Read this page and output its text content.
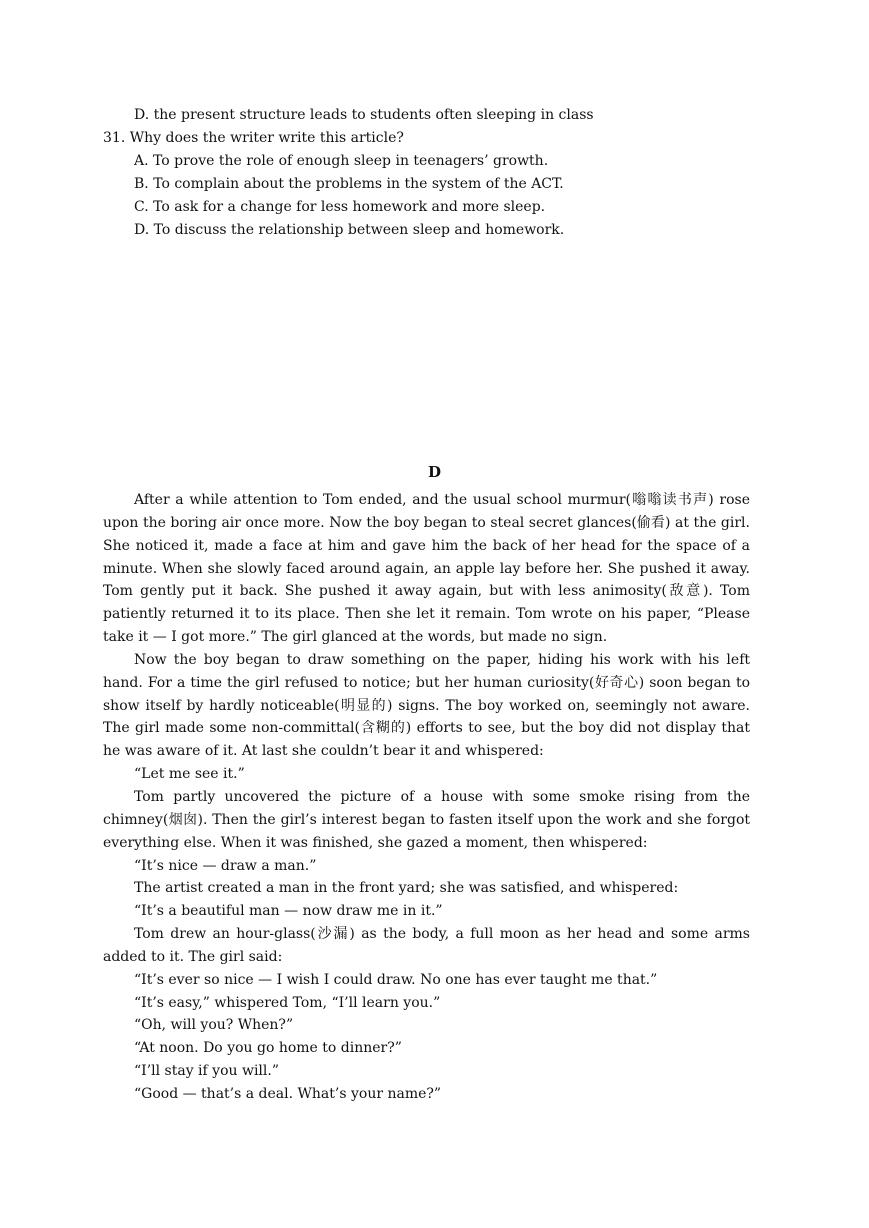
D. the present structure leads to students often sleeping in class
31. Why does the writer write this article?
A. To prove the role of enough sleep in teenagers’ growth.
B. To complain about the problems in the system of the ACT.
C. To ask for a change for less homework and more sleep.
D. To discuss the relationship between sleep and homework.
D

After a while attention to Tom ended, and the usual school murmur(嗡嗡读书声) rose upon the boring air once more. Now the boy began to steal secret glances(偷看) at the girl. She noticed it, made a face at him and gave him the back of her head for the space of a minute. When she slowly faced around again, an apple lay before her. She pushed it away. Tom gently put it back. She pushed it away again, but with less animosity(敌意). Tom patiently returned it to its place. Then she let it remain. Tom wrote on his paper, “Please take it — I got more.” The girl glanced at the words, but made no sign.

Now the boy began to draw something on the paper, hiding his work with his left hand. For a time the girl refused to notice; but her human curiosity(好奇心) soon began to show itself by hardly noticeable(明显的) signs. The boy worked on, seemingly not aware. The girl made some non-committal(含糊的) efforts to see, but the boy did not display that he was aware of it. At last she couldn’t bear it and whispered:

“Let me see it.”

Tom partly uncovered the picture of a house with some smoke rising from the chimney(烟囱). Then the girl’s interest began to fasten itself upon the work and she forgot everything else. When it was finished, she gazed a moment, then whispered:

“It’s nice — draw a man.”

The artist created a man in the front yard; she was satisfied, and whispered:

“It’s a beautiful man — now draw me in it.”

Tom drew an hour-glass(沙漏) as the body, a full moon as her head and some arms added to it. The girl said:

“It’s ever so nice — I wish I could draw. No one has ever taught me that.”

“It’s easy,” whispered Tom, “I’ll learn you.”

“Oh, will you? When?”

“At noon. Do you go home to dinner?”

“I’ll stay if you will.”

“Good — that’s a deal. What’s your name?”
